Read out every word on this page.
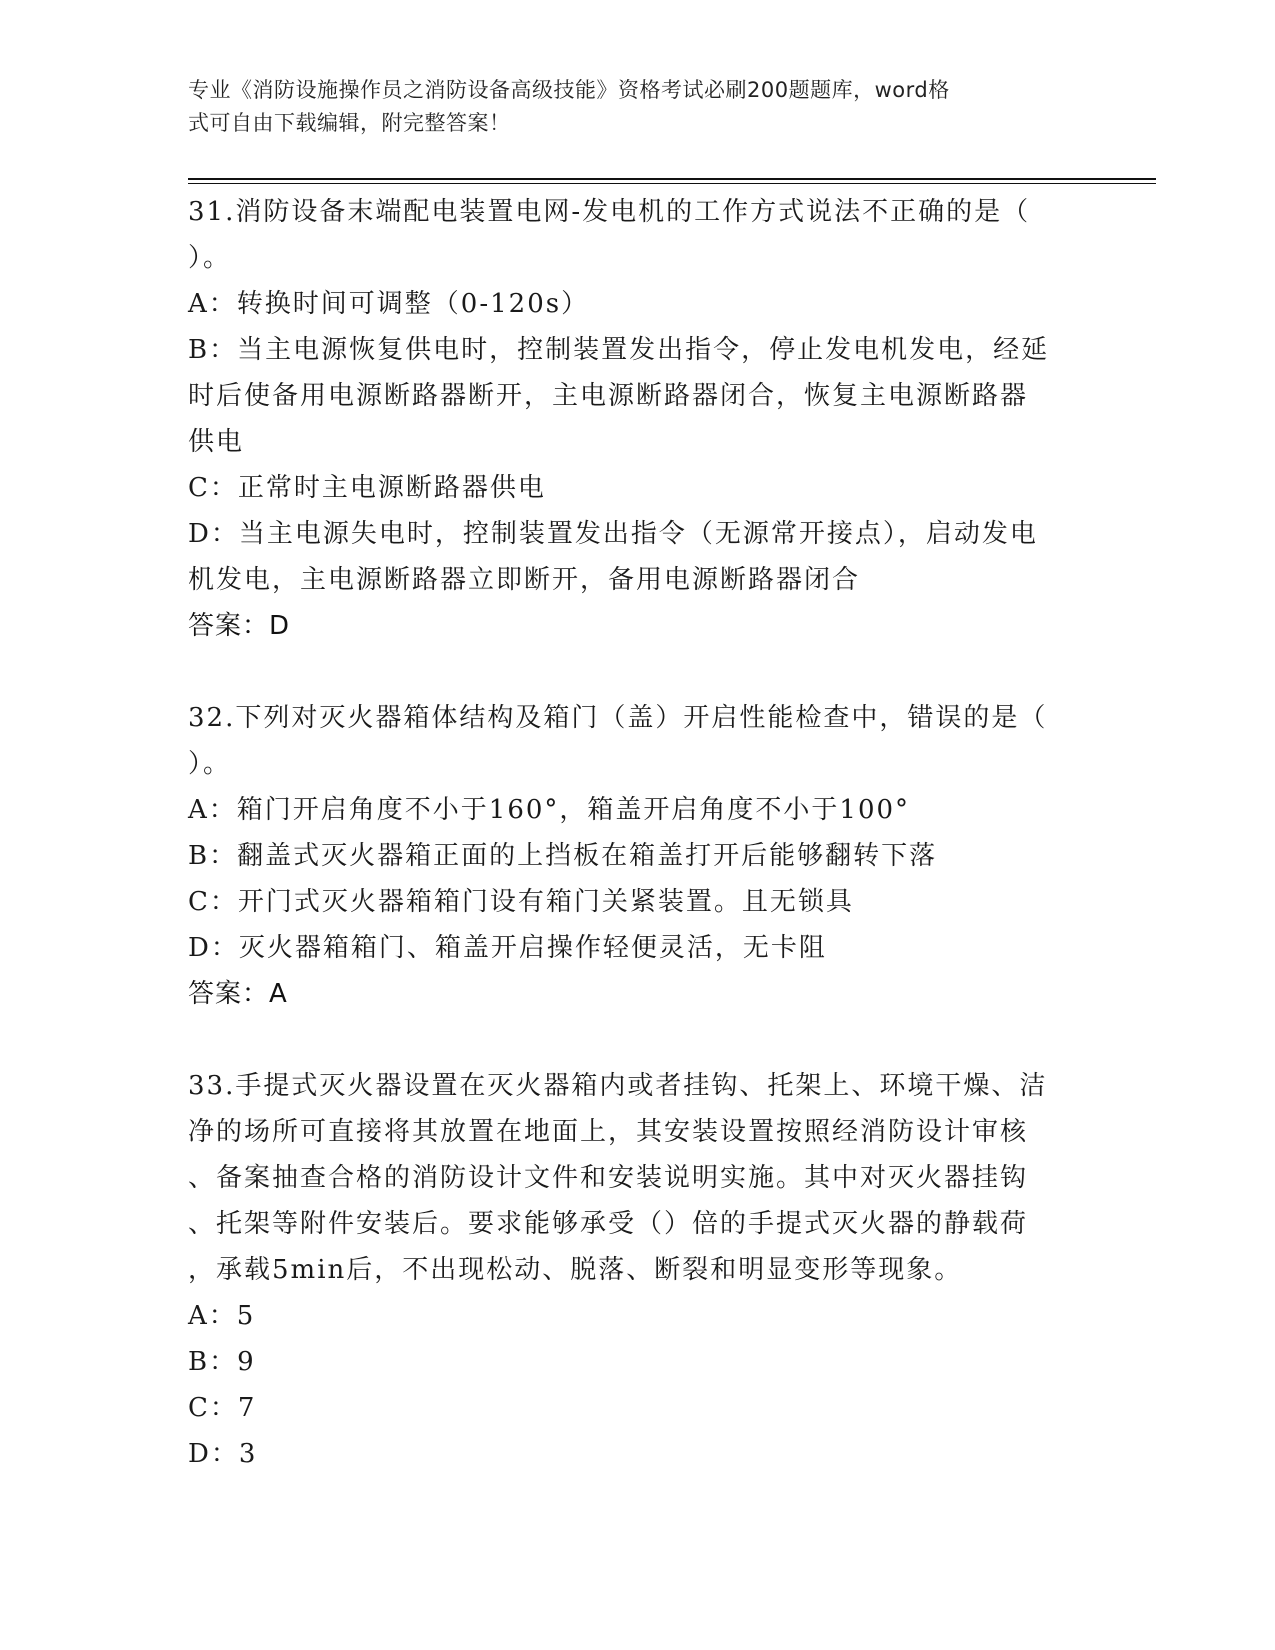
专业《消防设施操作员之消防设备高级技能》资格考试必刷200题题库，word格
式可自由下载编辑，附完整答案！
31.消防设备末端配电装置电网-发电机的工作方式说法不正确的是（
）。
A：转换时间可调整（0-120s）
B：当主电源恢复供电时，控制装置发出指令，停止发电机发电，经延
时后使备用电源断路器断开，主电源断路器闭合，恢复主电源断路器
供电
C：正常时主电源断路器供电
D：当主电源失电时，控制装置发出指令（无源常开接点），启动发电
机发电，主电源断路器立即断开，备用电源断路器闭合
答案：D
32.下列对灭火器箱体结构及箱门（盖）开启性能检查中，错误的是（
）。
A：箱门开启角度不小于160°，箱盖开启角度不小于100°
B：翻盖式灭火器箱正面的上挡板在箱盖打开后能够翻转下落
C：开门式灭火器箱箱门设有箱门关紧装置。且无锁具
D：灭火器箱箱门、箱盖开启操作轻便灵活，无卡阻
答案：A
33.手提式灭火器设置在灭火器箱内或者挂钩、托架上、环境干燥、洁
净的场所可直接将其放置在地面上，其安装设置按照经消防设计审核
、备案抽查合格的消防设计文件和安装说明实施。其中对灭火器挂钩
、托架等附件安装后。要求能够承受（）倍的手提式灭火器的静载荷
，承载5min后，不出现松动、脱落、断裂和明显变形等现象。
A：5
B：9
C：7
D：3
